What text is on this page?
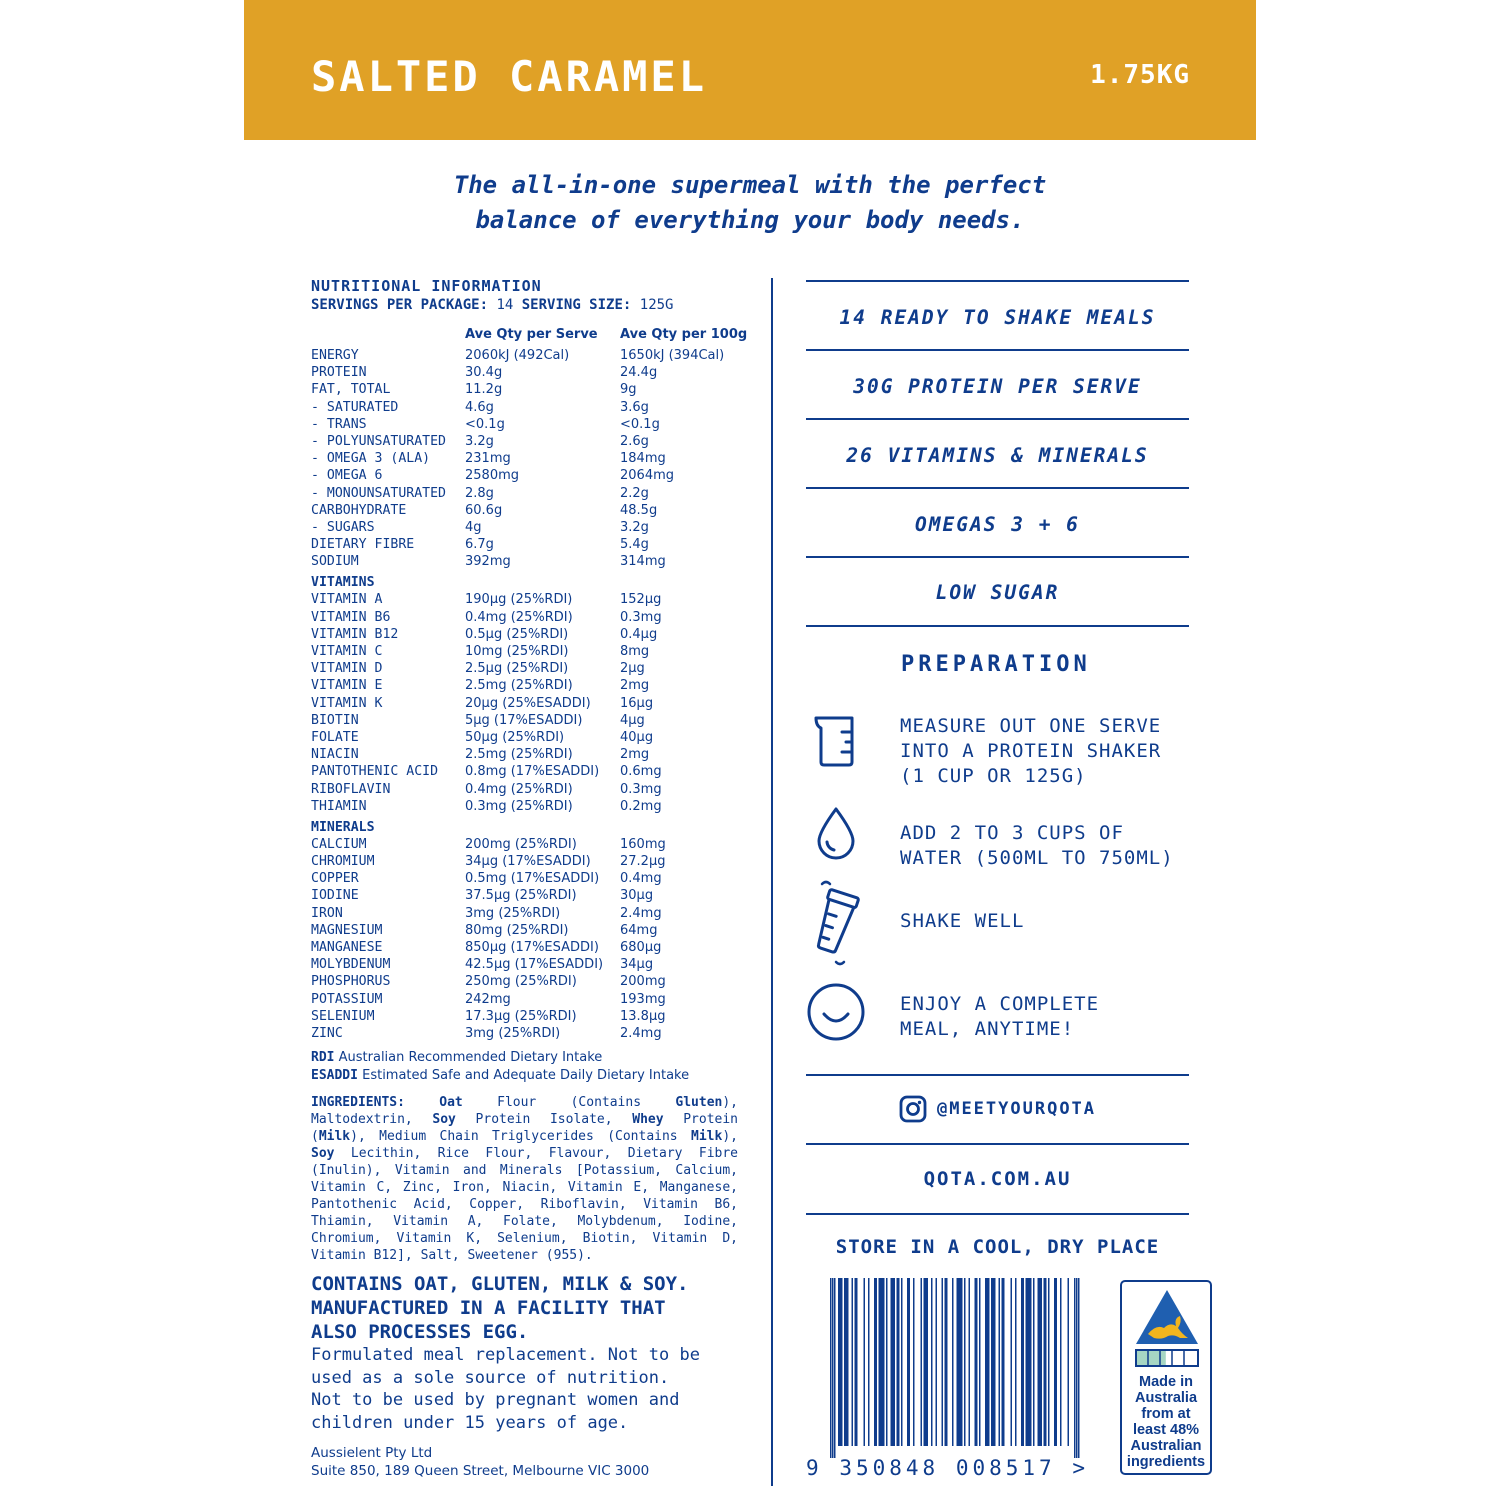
SALTED CARAMEL	1.75KG
The all-in-one supermeal with the perfect
balance of everything your body needs.
NUTRITIONAL INFORMATION
SERVINGS PER PACKAGE: 14 SERVING SIZE: 125G
Ave Qty per Serve Ave Qty per 100g
ENERGY	2060kJ (492Cal)	1650kJ (394Cal)
PROTEIN	30.4g	24.4g
FAT, TOTAL	11.2g	9g
- SATURATED	4.6g	3.6g
- TRANS	<0.1g	<0.1g
- POLYUNSATURATED 3.2g	2.6g
- OMEGA 3 (ALA)	231mg	184mg
- OMEGA 6	2580mg	2064mg
- MONOUNSATURATED 2.8g	2.2g
CARBOHYDRATE	60.6g	48.5g
- SUGARS	4g	3.2g
DIETARY FIBRE	6.7g	5.4g
SODIUM	392mg	314mg
VITAMINS
VITAMIN A	190µg (25%RDI)	152µg
VITAMIN B6	0.4mg (25%RDI)	0.3mg
VITAMIN B12	0.5µg (25%RDI)	0.4µg
VITAMIN C	10mg (25%RDI)	8mg
VITAMIN D	2.5µg (25%RDI)	2µg
VITAMIN E	2.5mg (25%RDI)	2mg
VITAMIN K	20µg (25%ESADDI) 16µg
BIOTIN	5µg (17%ESADDI)	4µg
FOLATE	50µg (25%RDI)	40µg
NIACIN	2.5mg (25%RDI)	2mg
PANTOTHENIC ACID 0.8mg (17%ESADDI) 0.6mg
RIBOFLAVIN	0.4mg (25%RDI)	0.3mg
THIAMIN	0.3mg (25%RDI)	0.2mg
MINERALS
CALCIUM	200mg (25%RDI)	160mg
CHROMIUM	34µg (17%ESADDI) 27.2µg
COPPER	0.5mg (17%ESADDI) 0.4mg
IODINE	37.5µg (25%RDI)	30µg
IRON	3mg (25%RDI)	2.4mg
MAGNESIUM	80mg (25%RDI)	64mg
MANGANESE	850µg (17%ESADDI) 680µg
MOLYBDENUM	42.5µg (17%ESADDI) 34µg
PHOSPHORUS	250mg (25%RDI)	200mg
POTASSIUM	242mg	193mg
SELENIUM	17.3µg (25%RDI)	13.8µg
ZINC	3mg (25%RDI)	2.4mg
RDI Australian Recommended Dietary Intake
ESADDI Estimated Safe and Adequate Daily Dietary Intake
INGREDIENTS:	Oat Flour (Contains Gluten), Maltodextrin, Soy Protein Isolate, Whey Protein (Milk), Medium Chain Triglycerides (Contains Milk), Soy Lecithin, Rice Flour, Flavour, Dietary Fibre (Inulin), Vitamin and Minerals [Potassium, Calcium, Vitamin C, Zinc, Iron, Niacin, Vitamin E, Manganese, Pantothenic Acid, Copper, Riboflavin, Vitamin B6, Thiamin, Vitamin A, Folate, Molybdenum, Iodine, Chromium, Vitamin K, Selenium, Biotin, Vitamin D, Vitamin B12], Salt, Sweetener (955).
CONTAINS OAT, GLUTEN, MILK & SOY.
MANUFACTURED IN A FACILITY THAT
ALSO PROCESSES EGG.
Formulated meal replacement. Not to be
used as a sole source of nutrition.
Not to be used by pregnant women and
children under 15 years of age.
Aussielent Pty Ltd
Suite 850, 189 Queen Street, Melbourne VIC 3000
14 READY TO SHAKE MEALS
30G PROTEIN PER SERVE
26 VITAMINS & MINERALS
OMEGAS 3 + 6
LOW SUGAR
PREPARATION
MEASURE OUT ONE SERVE
INTO A PROTEIN SHAKER
(1 CUP OR 125G)
ADD 2 TO 3 CUPS OF
WATER (500ML TO 750ML)
SHAKE WELL
ENJOY A COMPLETE
MEAL, ANYTIME!
@MEETYOURQOTA
QOTA.COM.AU
STORE IN A COOL, DRY PLACE
9 350848 008517 >
Made in
Australia
from at
least 48%
Australian
ingredients
